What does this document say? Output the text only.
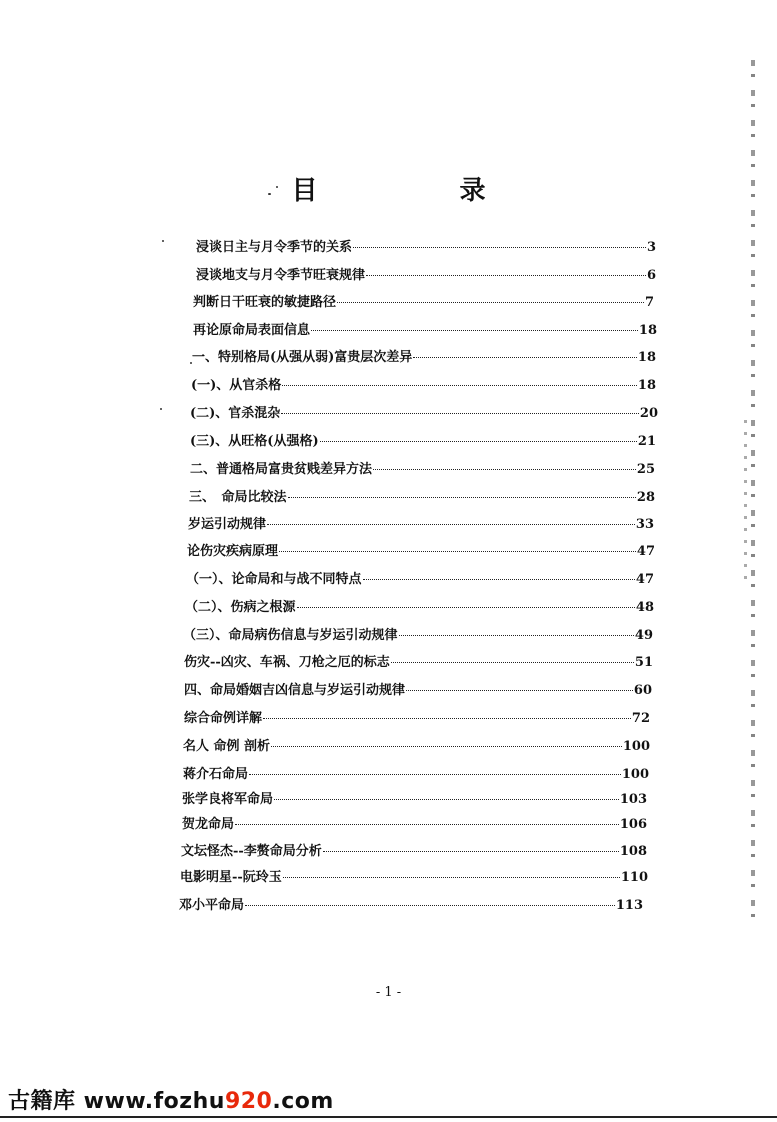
目　录
浸谈日主与月令季节的关系	3
浸谈地支与月令季节旺衰规律	6
判断日干旺衰的敏捷路径	7
再论原命局表面信息	18
一、特别格局(从强从弱)富贵层次差异	18
(一)、从官杀格	18
(二)、官杀混杂	20
(三)、从旺格(从强格)	21
二、普通格局富贵贫贱差异方法	25
三、　命局比较法	28
岁运引动规律	33
论伤灾疾病原理	47
（一）、论命局和与战不同特点	47
（二）、伤病之根源	48
（三）、命局病伤信息与岁运引动规律	49
伤灾--凶灾、车祸、刀枪之厄的标志	51
四、命局婚姻吉凶信息与岁运引动规律	60
综合命例详解	72
名人 命例 剖析	100
蒋介石命局	100
张学良将军命局	103
贺龙命局	106
文坛怪杰--李赘命局分析	108
电影明星--阮玲玉	110
邓小平命局	113
- 1 -
古籍库 www.fozhu920.com
